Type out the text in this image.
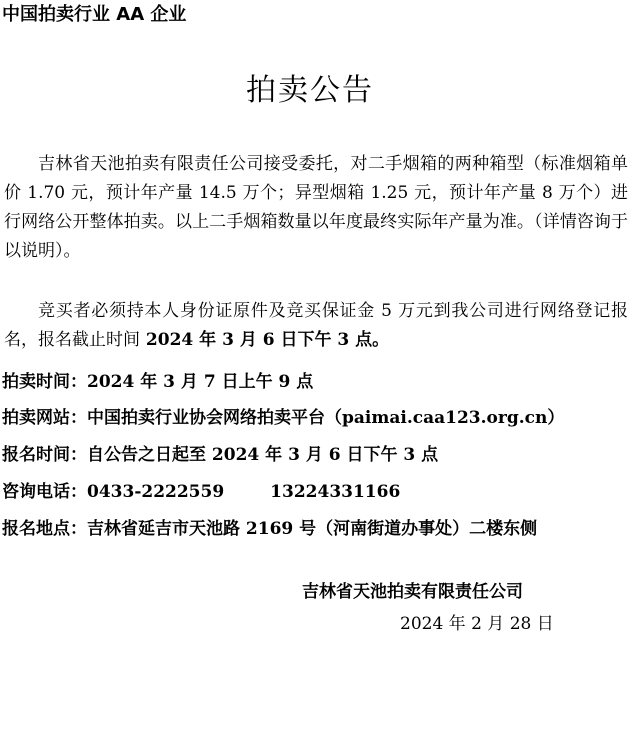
中国拍卖行业 AA 企业
拍卖公告
吉林省天池拍卖有限责任公司接受委托，对二手烟箱的两种箱型（标准烟箱单价 1.70 元，预计年产量 14.5 万个；异型烟箱 1.25 元，预计年产量 8 万个）进行网络公开整体拍卖。以上二手烟箱数量以年度最终实际年产量为准。（详情咨询于以说明）。
竞买者必须持本人身份证原件及竞买保证金 5 万元到我公司进行网络登记报名，报名截止时间 2024 年 3 月 6 日下午 3 点。
拍卖时间：2024 年 3 月 7 日上午 9 点
拍卖网站：中国拍卖行业协会网络拍卖平台（paimai.caa123.org.cn）
报名时间：自公告之日起至 2024 年 3 月 6 日下午 3 点
咨询电话：0433-2222559	13224331166
报名地点：吉林省延吉市天池路 2169 号（河南街道办事处）二楼东侧
吉林省天池拍卖有限责任公司
2024 年 2 月 28 日
